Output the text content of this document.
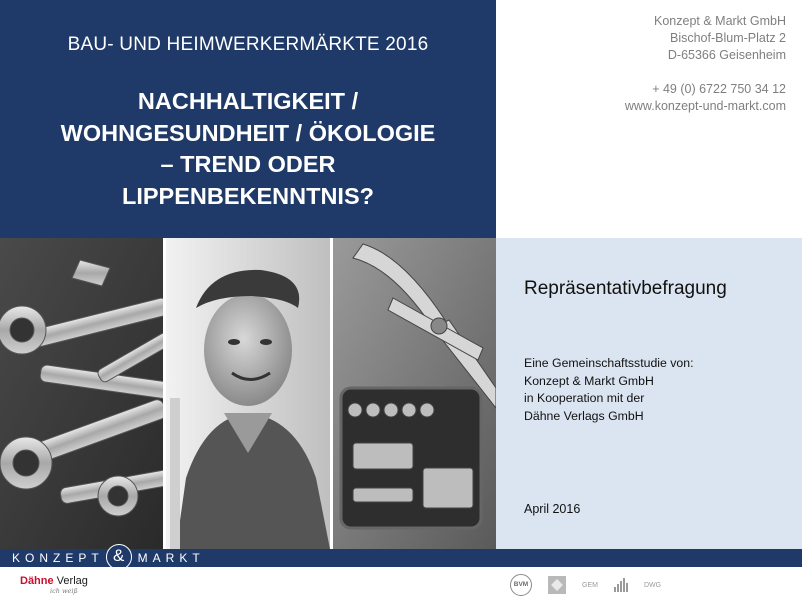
BAU- UND HEIMWERKERMÄRKTE 2016
NACHHALTIGKEIT /
WOHNGESUNDHEIT / ÖKOLOGIE
– TREND ODER
LIPPENBEKENNTNIS?
Konzept & Markt GmbH
Bischof-Blum-Platz 2
D-65366 Geisenheim
+ 49 (0) 6722 750 34 12
www.konzept-und-markt.com
Repräsentativbefragung
Eine Gemeinschaftsstudie von:
Konzept & Markt GmbH
in Kooperation mit der
Dähne Verlags GmbH
April 2016
KONZEPT &	MARKT
Dähne Verlag
ich weiß
BVM	GEM	DWG
